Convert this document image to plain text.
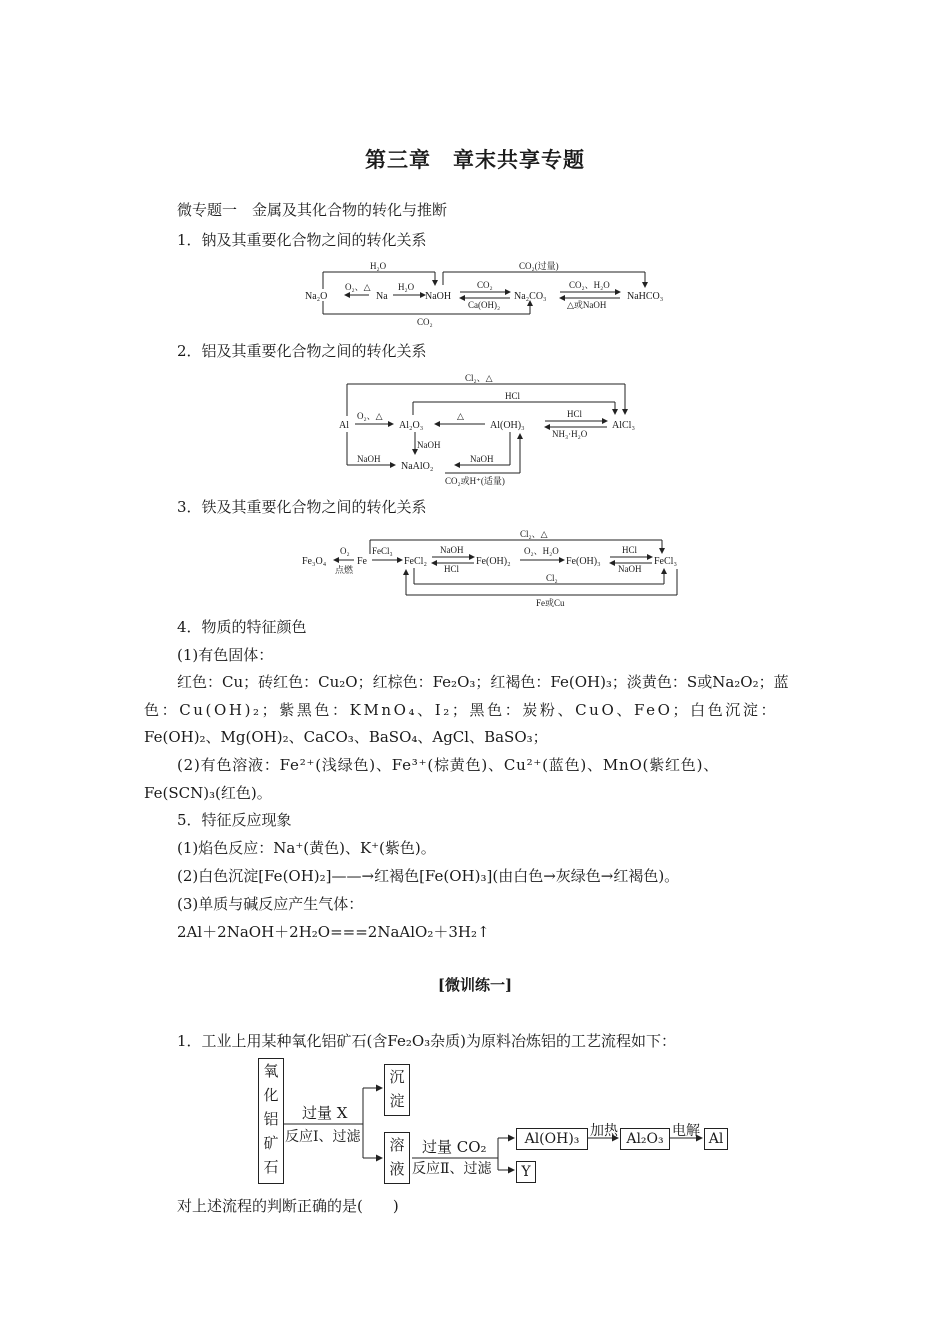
第三章　章末共享专题
微专题一　金属及其化合物的转化与推断
1．钠及其重要化合物之间的转化关系
Na₂O
O₂、△
Na
H₂O
NaOH
CO₂
Ca(OH)₂
Na₂CO₃
CO₂、H₂O
△或NaOH
NaHCO₃
CO₂(过量)
H₂O
CO₂
2．铝及其重要化合物之间的转化关系
Cl₂、△
HCl
Al
O₂、△
Al₂O₃
△
Al(OH)₃
HCl
NH₃·H₂O
AlCl₃
NaOH
NaOH
NaAlO₂
NaOH
CO₂或H⁺(适量)
3．铁及其重要化合物之间的转化关系
Fe₃O₄
O₂
点燃
Fe
FeCl₃
FeCl₂
NaOH
HCl
Fe(OH)₂
O₂、H₂O
Fe(OH)₃
HCl
NaOH
FeCl₃
Cl₂、△
Cl₂
Fe或Cu
4．物质的特征颜色
(1)有色固体：
红色：Cu；砖红色：Cu₂O；红棕色：Fe₂O₃；红褐色：Fe(OH)₃；淡黄色：S或Na₂O₂；蓝
色：Cu(OH)₂；紫黑色：KMnO₄、I₂；黑色：炭粉、CuO、FeO；白色沉淀：
Fe(OH)₂、Mg(OH)₂、CaCO₃、BaSO₄、AgCl、BaSO₃；
(2)有色溶液：Fe²⁺(浅绿色)、Fe³⁺(棕黄色)、Cu²⁺(蓝色)、MnO(紫红色)、
Fe(SCN)₃(红色)。
5．特征反应现象
(1)焰色反应：Na⁺(黄色)、K⁺(紫色)。
(2)白色沉淀[Fe(OH)₂]——→红褐色[Fe(OH)₃](由白色→灰绿色→红褐色)。
(3)单质与碱反应产生气体：
2Al＋2NaOH＋2H₂O===2NaAlO₂＋3H₂↑
[微训练一]
1．工业上用某种氧化铝矿石(含Fe₂O₃杂质)为原料冶炼铝的工艺流程如下：
氧
化
铝
矿
石
过量 X
反应Ⅰ、过滤
沉
淀
溶
液
过量 CO₂
反应Ⅱ、过滤
Al(OH)₃ 加热 Al₂O₃ 电解 Al
Y
对上述流程的判断正确的是(　　)
